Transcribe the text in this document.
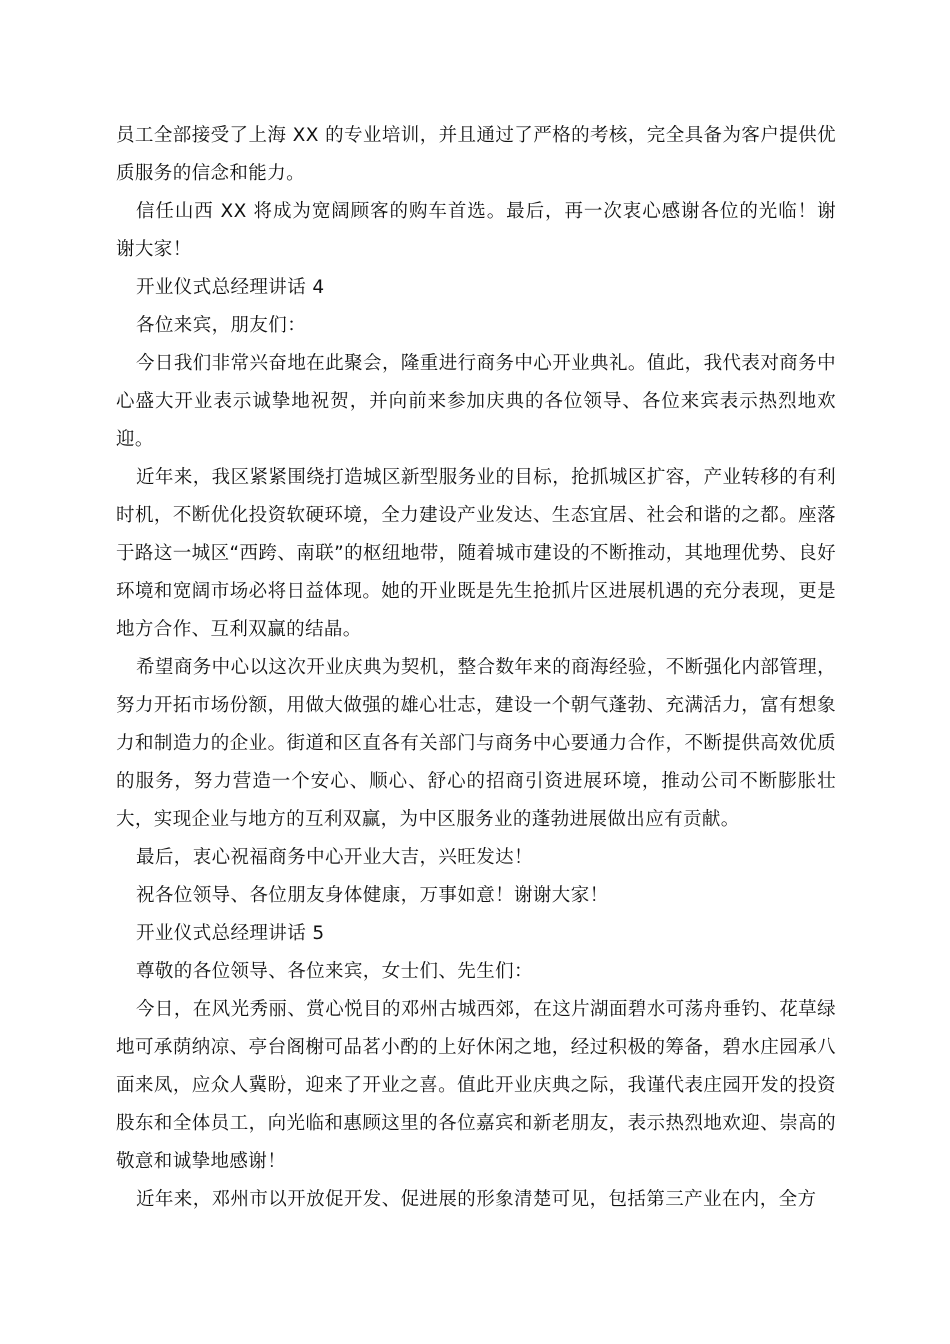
员工全部接受了上海 XX 的专业培训，并且通过了严格的考核，完全具备为客户提供优质服务的信念和能力。

信任山西 XX 将成为宽阔顾客的购车首选。最后，再一次衷心感谢各位的光临！谢谢大家！

开业仪式总经理讲话 4

各位来宾，朋友们：

今日我们非常兴奋地在此聚会，隆重进行商务中心开业典礼。值此，我代表对商务中心盛大开业表示诚挚地祝贺，并向前来参加庆典的各位领导、各位来宾表示热烈地欢迎。

近年来，我区紧紧围绕打造城区新型服务业的目标，抢抓城区扩容，产业转移的有利时机，不断优化投资软硬环境，全力建设产业发达、生态宜居、社会和谐的之都。座落于路这一城区“西跨、南联”的枢纽地带，随着城市建设的不断推动，其地理优势、良好环境和宽阔市场必将日益体现。她的开业既是先生抢抓片区进展机遇的充分表现，更是地方合作、互利双赢的结晶。

希望商务中心以这次开业庆典为契机，整合数年来的商海经验，不断强化内部管理，努力开拓市场份额，用做大做强的雄心壮志，建设一个朝气蓬勃、充满活力，富有想象力和制造力的企业。街道和区直各有关部门与商务中心要通力合作，不断提供高效优质的服务，努力营造一个安心、顺心、舒心的招商引资进展环境，推动公司不断膨胀壮大，实现企业与地方的互利双赢，为中区服务业的蓬勃进展做出应有贡献。

最后，衷心祝福商务中心开业大吉，兴旺发达！

祝各位领导、各位朋友身体健康，万事如意！谢谢大家！

开业仪式总经理讲话 5

尊敬的各位领导、各位来宾，女士们、先生们：

今日，在风光秀丽、赏心悦目的邓州古城西郊，在这片湖面碧水可荡舟垂钓、花草绿地可承荫纳凉、亭台阁榭可品茗小酌的上好休闲之地，经过积极的筹备，碧水庄园承八面来凤，应众人冀盼，迎来了开业之喜。值此开业庆典之际，我谨代表庄园开发的投资股东和全体员工，向光临和惠顾这里的各位嘉宾和新老朋友，表示热烈地欢迎、崇高的敬意和诚挚地感谢！

近年来，邓州市以开放促开发、促进展的形象清楚可见，包括第三产业在内，全方
